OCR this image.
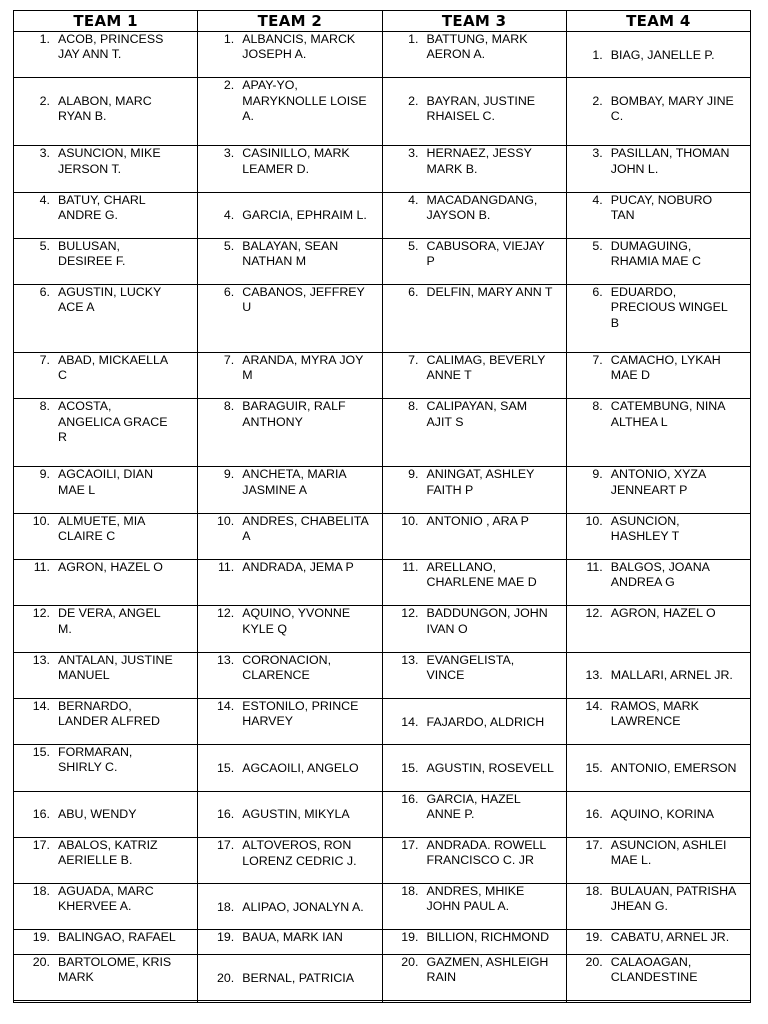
TEAM 1	TEAM 2	TEAM 3	TEAM 4

1. ACOB, PRINCESS
JAY ANN T.	1. ALBANCIS, MARCK
JOSEPH A.	1. BATTUNG, MARK
AERON A.	1. BIAG, JANELLE P.

2. ALABON, MARC
RYAN B.	2. APAY-YO,
MARYKNOLLE LOISE
A.	2. BAYRAN, JUSTINE
RHAISEL C.	2. BOMBAY, MARY JINE
C.

3. ASUNCION, MIKE
JERSON T.	3. CASINILLO, MARK
LEAMER D.	3. HERNAEZ, JESSY
MARK B.	3. PASILLAN, THOMAN
JOHN L.

4. BATUY, CHARL
ANDRE G.	4. GARCIA, EPHRAIM L.	4. MACADANGDANG,
JAYSON B.	4. PUCAY, NOBURO
TAN

5. BULUSAN,
DESIREE F.	5. BALAYAN, SEAN
NATHAN M	5. CABUSORA, VIEJAY
P	5. DUMAGUING,
RHAMIA MAE C

6. AGUSTIN, LUCKY
ACE A	6. CABANOS, JEFFREY
U	6. DELFIN, MARY ANN T	6. EDUARDO,
PRECIOUS WINGEL
B

7. ABAD, MICKAELLA
C	7. ARANDA, MYRA JOY
M	7. CALIMAG, BEVERLY
ANNE T	7. CAMACHO, LYKAH
MAE D

8. ACOSTA,
ANGELICA GRACE
R	8. BARAGUIR, RALF
ANTHONY	8. CALIPAYAN, SAM
AJIT S	8. CATEMBUNG, NINA
ALTHEA L

9. AGCAOILI, DIAN
MAE L	9. ANCHETA, MARIA
JASMINE A	9. ANINGAT, ASHLEY
FAITH P	9. ANTONIO, XYZA
JENNEART P

10. ALMUETE, MIA
CLAIRE C	10. ANDRES, CHABELITA
A	10. ANTONIO , ARA P	10. ASUNCION,
HASHLEY T

11. AGRON, HAZEL O	11. ANDRADA, JEMA P	11. ARELLANO,
CHARLENE MAE D	11. BALGOS, JOANA
ANDREA G

12. DE VERA, ANGEL
M.	12. AQUINO, YVONNE
KYLE Q	12. BADDUNGON, JOHN
IVAN O	12. AGRON, HAZEL O

13. ANTALAN, JUSTINE
MANUEL	13. CORONACION,
CLARENCE	13. EVANGELISTA,
VINCE	13. MALLARI, ARNEL JR.

14. BERNARDO,
LANDER ALFRED	14. ESTONILO, PRINCE
HARVEY	14. FAJARDO, ALDRICH	14. RAMOS, MARK
LAWRENCE

15. FORMARAN,
SHIRLY C.	15. AGCAOILI, ANGELO	15. AGUSTIN, ROSEVELL	15. ANTONIO, EMERSON

16. ABU, WENDY	16. AGUSTIN, MIKYLA	16. GARCIA, HAZEL
ANNE P.	16. AQUINO, KORINA

17. ABALOS, KATRIZ
AERIELLE B.	17. ALTOVEROS, RON
LORENZ CEDRIC J.	17. ANDRADA. ROWELL
FRANCISCO C. JR	17. ASUNCION, ASHLEI
MAE L.

18. AGUADA, MARC
KHERVEE A.	18. ALIPAO, JONALYN A.	18. ANDRES, MHIKE
JOHN PAUL A.	18. BULAUAN, PATRISHA
JHEAN G.

19. BALINGAO, RAFAEL	19. BAUA, MARK IAN	19. BILLION, RICHMOND	19. CABATU, ARNEL JR.

20. BARTOLOME, KRIS
MARK	20. BERNAL, PATRICIA	20. GAZMEN, ASHLEIGH
RAIN	20. CALAOAGAN,
CLANDESTINE
